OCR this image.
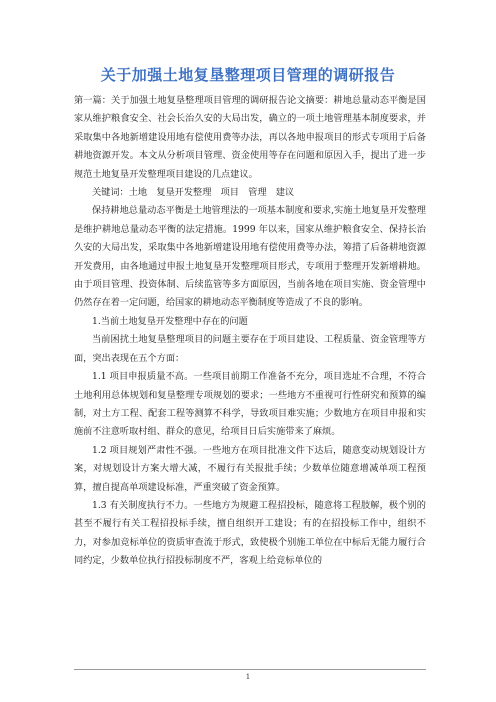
关于加强土地复垦整理项目管理的调研报告

第一篇：关于加强土地复垦整理项目管理的调研报告论文摘要：耕地总量动态平衡是国家从维护粮食安全、社会长治久安的大局出发，确立的一项土地管理基本制度要求，并采取集中各地新增建设用地有偿使用费等办法，再以各地申报项目的形式专项用于后备耕地资源开发。本文从分析项目管理、资金使用等存在问题和原因入手，提出了进一步规范土地复垦开发整理项目建设的几点建议。

关键词：土地　复垦开发整理　项目　管理　建议

保持耕地总量动态平衡是土地管理法的一项基本制度和要求,实施土地复垦开发整理是维护耕地总量动态平衡的法定措施。1999 年以来，国家从维护粮食安全、保持长治久安的大局出发，采取集中各地新增建设用地有偿使用费等办法，筹措了后备耕地资源开发费用，由各地通过申报土地复垦开发整理项目形式，专项用于整理开发新增耕地。由于项目管理、投资体制、后续监管等多方面原因，当前各地在项目实施、资金管理中仍然存在着一定问题，给国家的耕地动态平衡制度等造成了不良的影响。

1.当前土地复垦开发整理中存在的问题

当前困扰土地复垦整理项目的问题主要存在于项目建设、工程质量、资金管理等方面，突出表现在五个方面：

1.1 项目申报质量不高。一些项目前期工作准备不充分，项目选址不合理，不符合土地利用总体规划和复垦整理专项规划的要求；一些地方不重视可行性研究和预算的编制，对土方工程、配套工程等测算不科学，导致项目难实施；少数地方在项目申报和实施前不注意听取村组、群众的意见，给项目日后实施带来了麻烦。

1.2 项目规划严肃性不强。一些地方在项目批准文件下达后，随意变动规划设计方案，对规划设计方案大增大减，不履行有关报批手续；少数单位随意增减单项工程预算，擅自提高单项建设标准，严重突破了资金预算。

1.3 有关制度执行不力。一些地方为规避工程招投标，随意将工程肢解，极个别的甚至不履行有关工程招投标手续，擅自组织开工建设；有的在招投标工作中，组织不力，对参加竞标单位的资质审查流于形式，致使极个别施工单位在中标后无能力履行合同约定，少数单位执行招投标制度不严，客观上给竞标单位的

1
